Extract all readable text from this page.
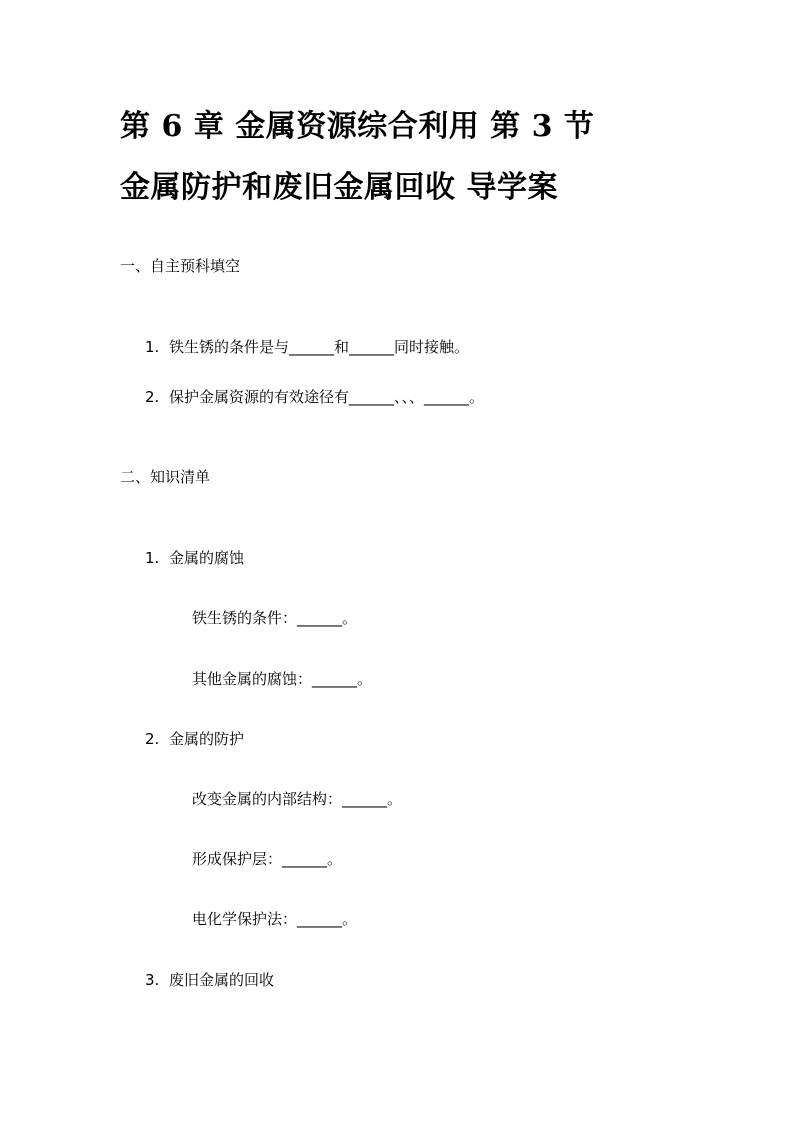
第 6 章 金属资源综合利用 第 3 节
金属防护和废旧金属回收 导学案

一、自主预科填空

1. 铁生锈的条件是与______和______同时接触。
2. 保护金属资源的有效途径有______、、、______。

二、知识清单

1. 金属的腐蚀
铁生锈的条件：______。
其他金属的腐蚀：______。
2. 金属的防护
改变金属的内部结构：______。
形成保护层：______。
电化学保护法：______。
3. 废旧金属的回收
